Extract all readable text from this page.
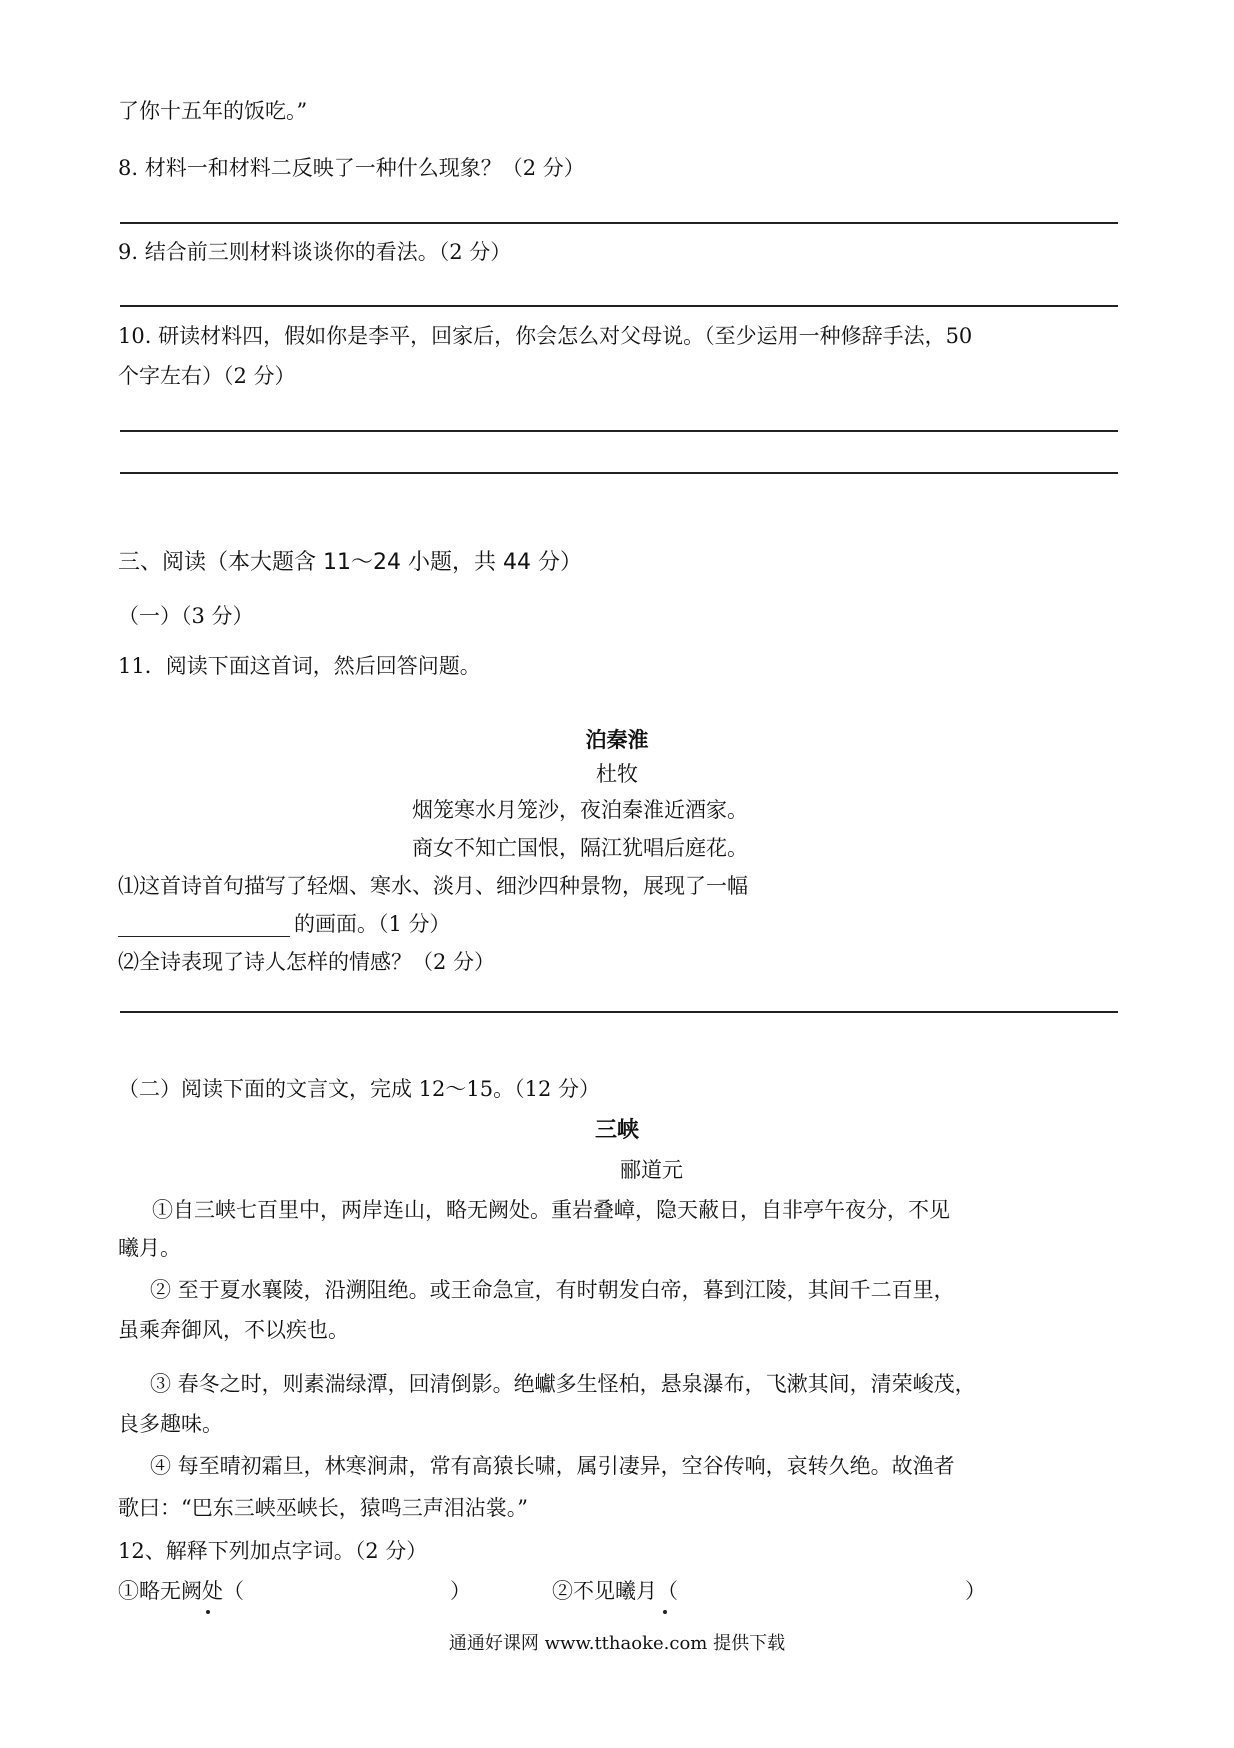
了你十五年的饭吃。”
8. 材料一和材料二反映了一种什么现象？（2 分）
9. 结合前三则材料谈谈你的看法。（2 分）
10. 研读材料四，假如你是李平，回家后，你会怎么对父母说。（至少运用一种修辞手法，50
个字左右）（2 分）
三、阅读（本大题含 11～24 小题，共 44 分）
（一）（3 分）
11．阅读下面这首词，然后回答问题。
泊秦淮
杜牧
烟笼寒水月笼沙，夜泊秦淮近酒家。
商女不知亡国恨，隔江犹唱后庭花。
⑴这首诗首句描写了轻烟、寒水、淡月、细沙四种景物，展现了一幅
的画面。（1 分）
⑵全诗表现了诗人怎样的情感？（2 分）
（二）阅读下面的文言文，完成 12～15。（12 分）
三峡
郦道元
①自三峡七百里中，两岸连山，略无阙处。重岩叠嶂，隐天蔽日，自非亭午夜分，不见
曦月。
② 至于夏水襄陵，沿溯阻绝。或王命急宣，有时朝发白帝，暮到江陵，其间千二百里，
虽乘奔御风，不以疾也。
③ 春冬之时，则素湍绿潭，回清倒影。绝巘多生怪柏，悬泉瀑布，飞漱其间，清荣峻茂，
良多趣味。
④ 每至晴初霜旦，林寒涧肃，常有高猿长啸，属引凄异，空谷传响，哀转久绝。故渔者
歌曰：“巴东三峡巫峡长，猿鸣三声泪沾裳。”
12、解释下列加点字词。（2 分）
①略无阙处（	）	②不见曦月（	）
通通好课网 www.tthaoke.com 提供下载
